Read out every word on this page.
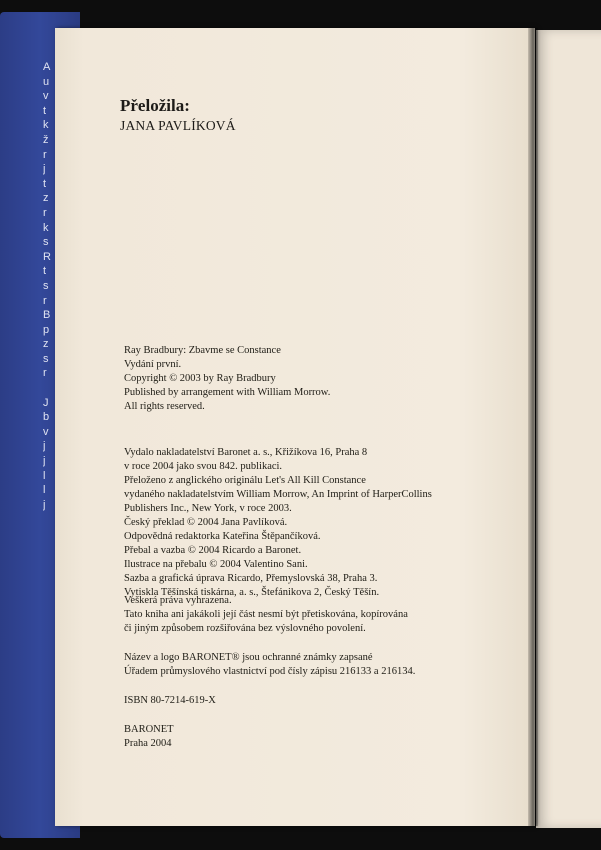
A
u
v
t
k
ž
r
j
t
z
r
k
s
R
t
s
r
B
p
z
s
r
J
b
v
j
j
l
l
j
Přeložila:
JANA PAVLÍKOVÁ
Ray Bradbury: Zbavme se Constance
Vydání první.
Copyright © 2003 by Ray Bradbury
Published by arrangement with William Morrow.
All rights reserved.
Vydalo nakladatelství Baronet a. s., Křižíkova 16, Praha 8
v roce 2004 jako svou 842. publikaci.
Přeloženo z anglického originálu Let's All Kill Constance
vydaného nakladatelstvím William Morrow, An Imprint of HarperCollins
Publishers Inc., New York, v roce 2003.
Český překlad © 2004 Jana Pavlíková.
Odpovědná redaktorka Kateřina Štěpančíková.
Přebal a vazba © 2004 Ricardo a Baronet.
Ilustrace na přebalu © 2004 Valentino Sani.
Sazba a grafická úprava Ricardo, Přemyslovská 38, Praha 3.
Vytiskla Těšínská tiskárna, a. s., Štefánikova 2, Český Těšín.
Veškerá práva vyhrazena.
Tato kniha ani jakákoli její část nesmí být přetiskována, kopírována
či jiným způsobem rozšiřována bez výslovného povolení.
Název a logo BARONET® jsou ochranné známky zapsané
Úřadem průmyslového vlastnictví pod čísly zápisu 216133 a 216134.
ISBN 80-7214-619-X
BARONET
Praha 2004
